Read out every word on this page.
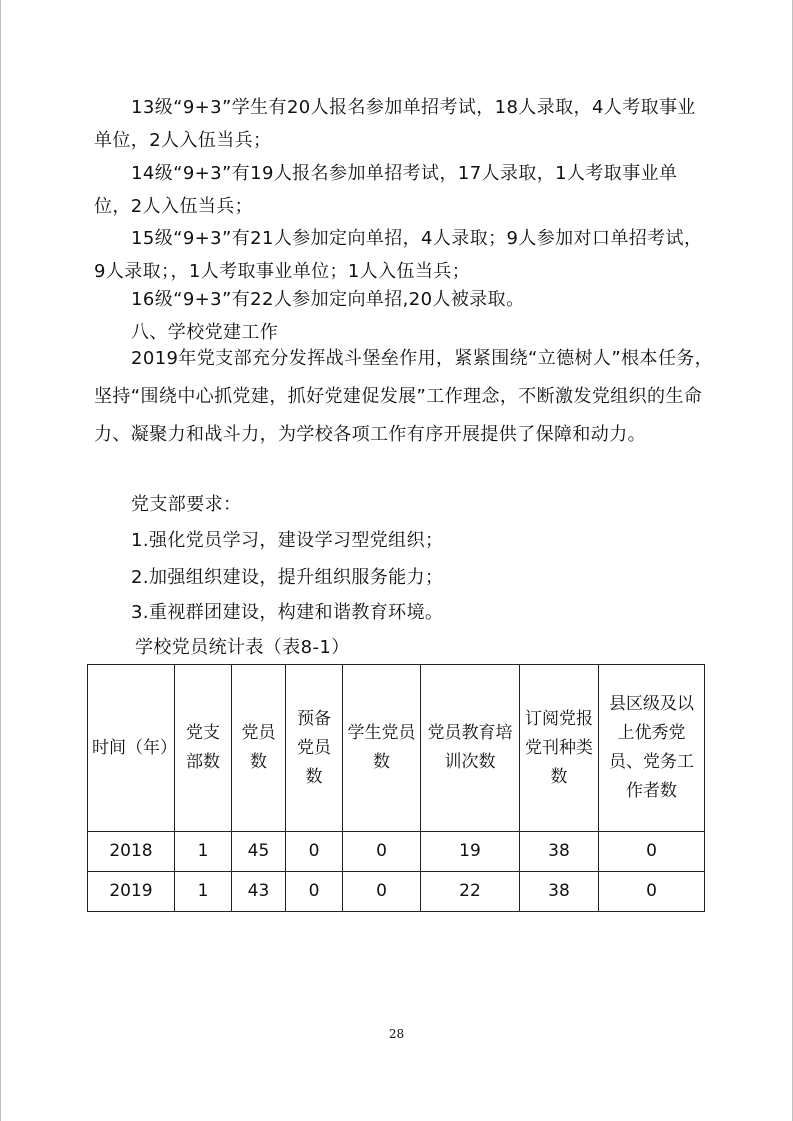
13级“9+3”学生有20人报名参加单招考试，18人录取，4人考取事业单位，2人入伍当兵；

14级“9+3”有19人报名参加单招考试，17人录取，1人考取事业单位，2人入伍当兵；

15级“9+3”有21人参加定向单招，4人录取；9人参加对口单招考试，9人录取；，1人考取事业单位；1人入伍当兵；

16级“9+3”有22人参加定向单招,20人被录取。

八、学校党建工作

2019年党支部充分发挥战斗堡垒作用，紧紧围绕“立德树人”根本任务，坚持“围绕中心抓党建，抓好党建促发展”工作理念，不断激发党组织的生命力、凝聚力和战斗力，为学校各项工作有序开展提供了保障和动力。

党支部要求：

1.强化党员学习，建设学习型党组织；

2.加强组织建设，提升组织服务能力；

3.重视群团建设，构建和谐教育环境。

学校党员统计表（表8-1）

时间（年）	党支部数	党员数	预备党员数	学生党员数	党员教育培训次数	订阅党报党刊种类数	县区级及以上优秀党员、党务工作者数
2018	1	45	0	0	19	38	0
2019	1	43	0	0	22	38	0
28
